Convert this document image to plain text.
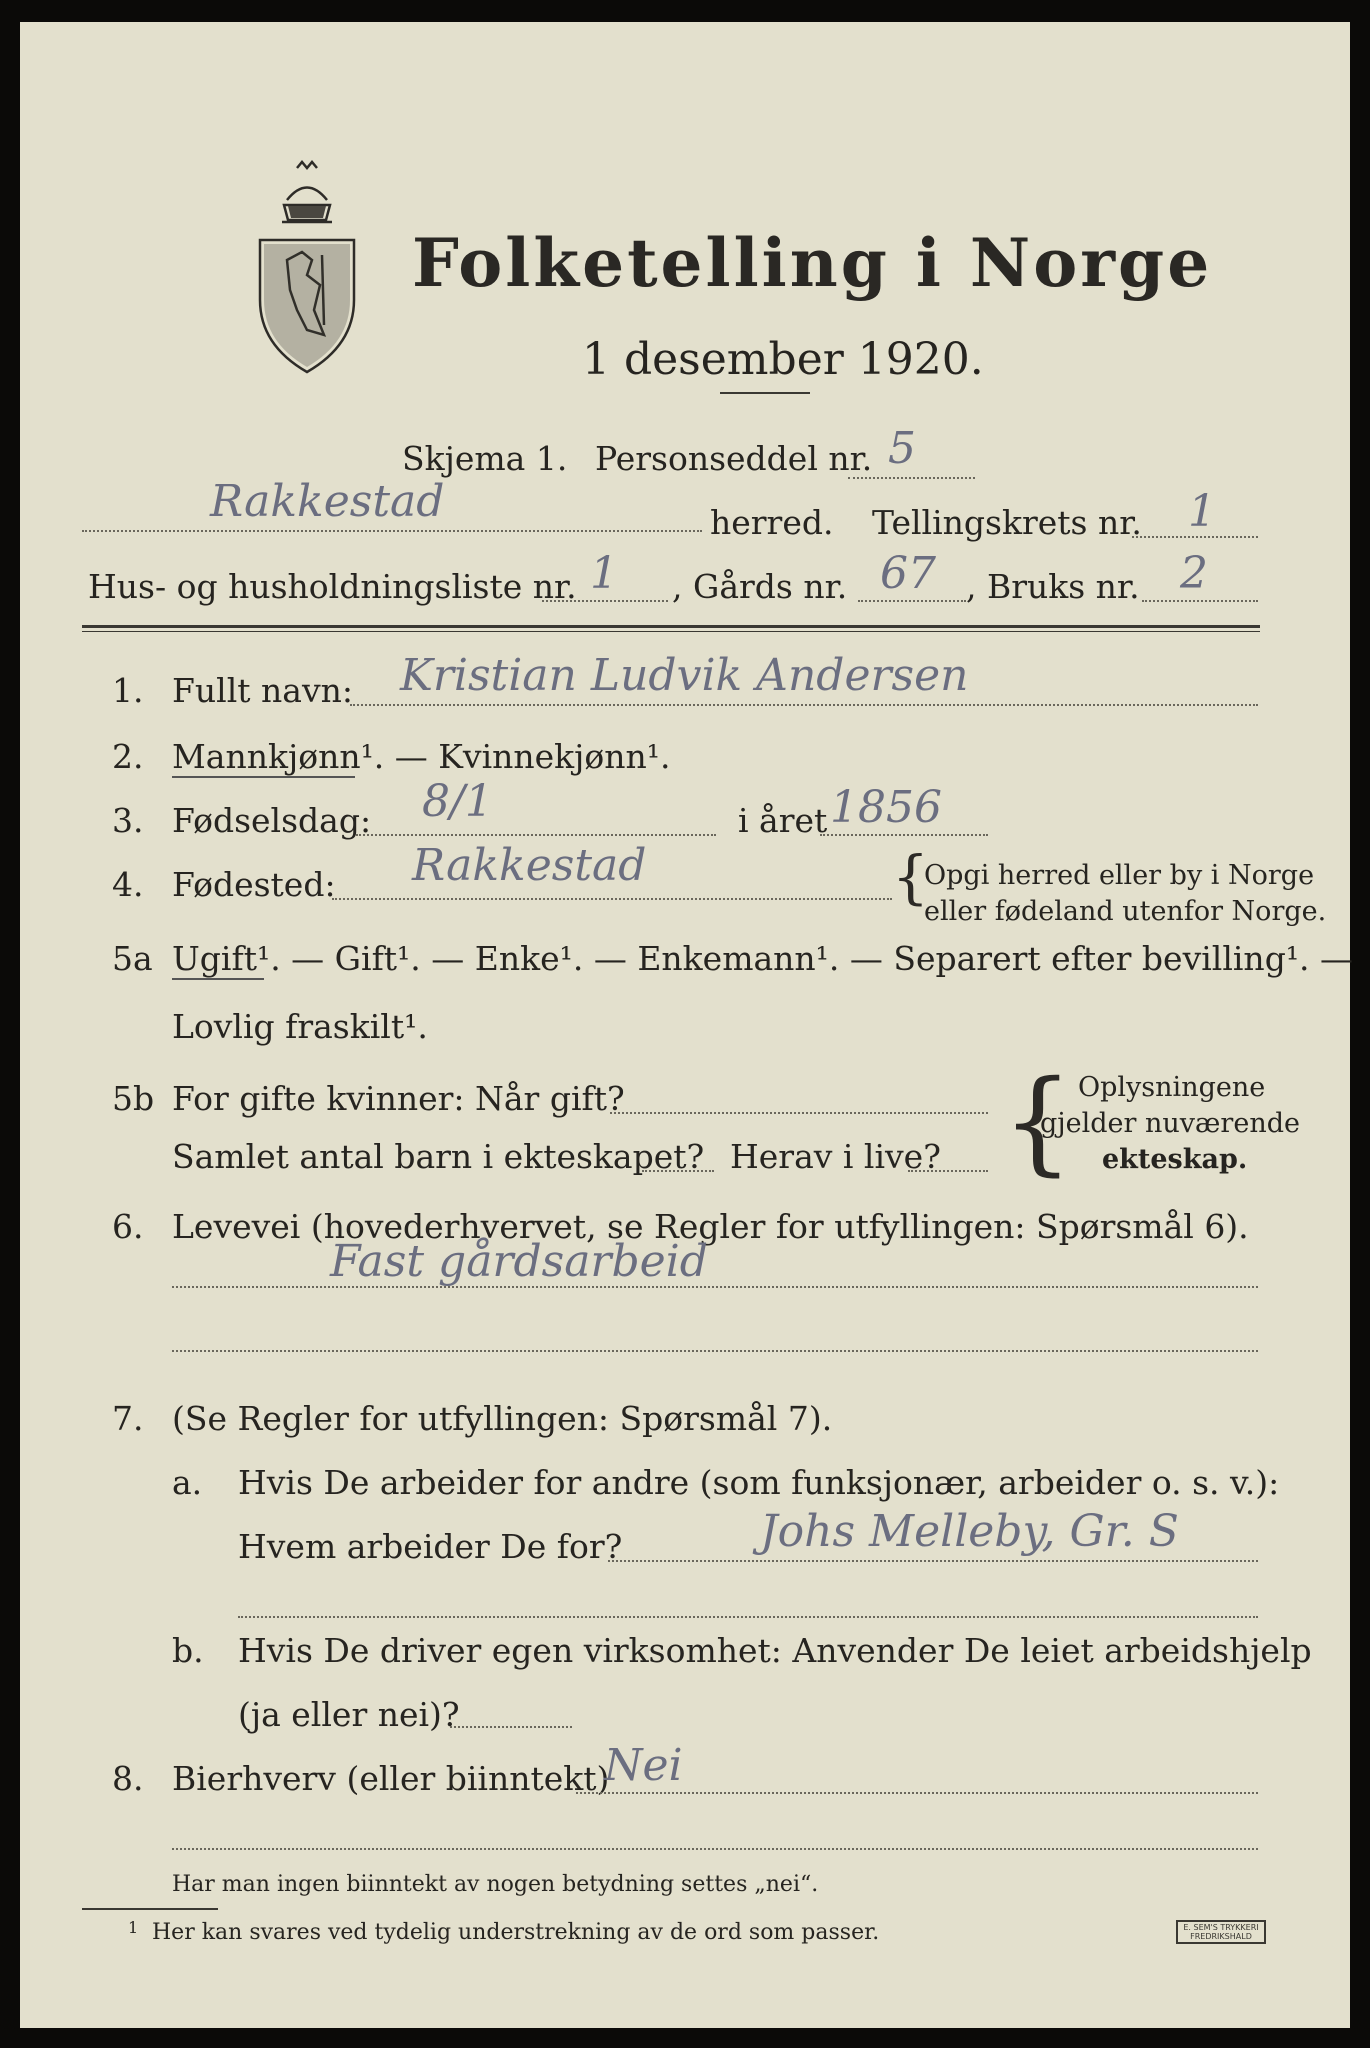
Folketelling i Norge
1 desember 1920.
Skjema 1. Personseddel nr. 5
Rakkestad	herred. Tellingskrets nr. 1
Hus- og husholdningsliste nr. 1 , Gårds nr. 67 , Bruks nr. 2
1. Fullt navn: Kristian Ludvik Andersen
2. Mannkjønn¹. — Kvinnekjønn¹.
3. Fødselsdag: 8/1	i året 1856
4. Fødested: Rakkestad	{
Opgi herred eller by i Norge
eller fødeland utenfor Norge.
5a Ugift¹. — Gift¹. — Enke¹. — Enkemann¹. — Separert efter bevilling¹. —
Lovlig fraskilt¹.
5b For gifte kvinner: Når gift?
Samlet antal barn i ekteskapet? Herav i live? { Oplysningene
gjelder nuværende
ekteskap.
6. Levevei (hovederhvervet, se Regler for utfyllingen: Spørsmål 6).
Fast gårdsarbeid
7. (Se Regler for utfyllingen: Spørsmål 7).
a. Hvis De arbeider for andre (som funksjonær, arbeider o. s. v.):
Hvem arbeider De for?	Johs Melleby, Gr. S
b. Hvis De driver egen virksomhet: Anvender De leiet arbeidshjelp
(ja eller nei)?
8. Bierhverv (eller biinntekt)
Nei
Har man ingen biinntekt av nogen betydning settes „nei“.
1 Her kan svares ved tydelig understrekning av de ord som passer.	E. SEM'S TRYKKERI
FREDRIKSHALD
